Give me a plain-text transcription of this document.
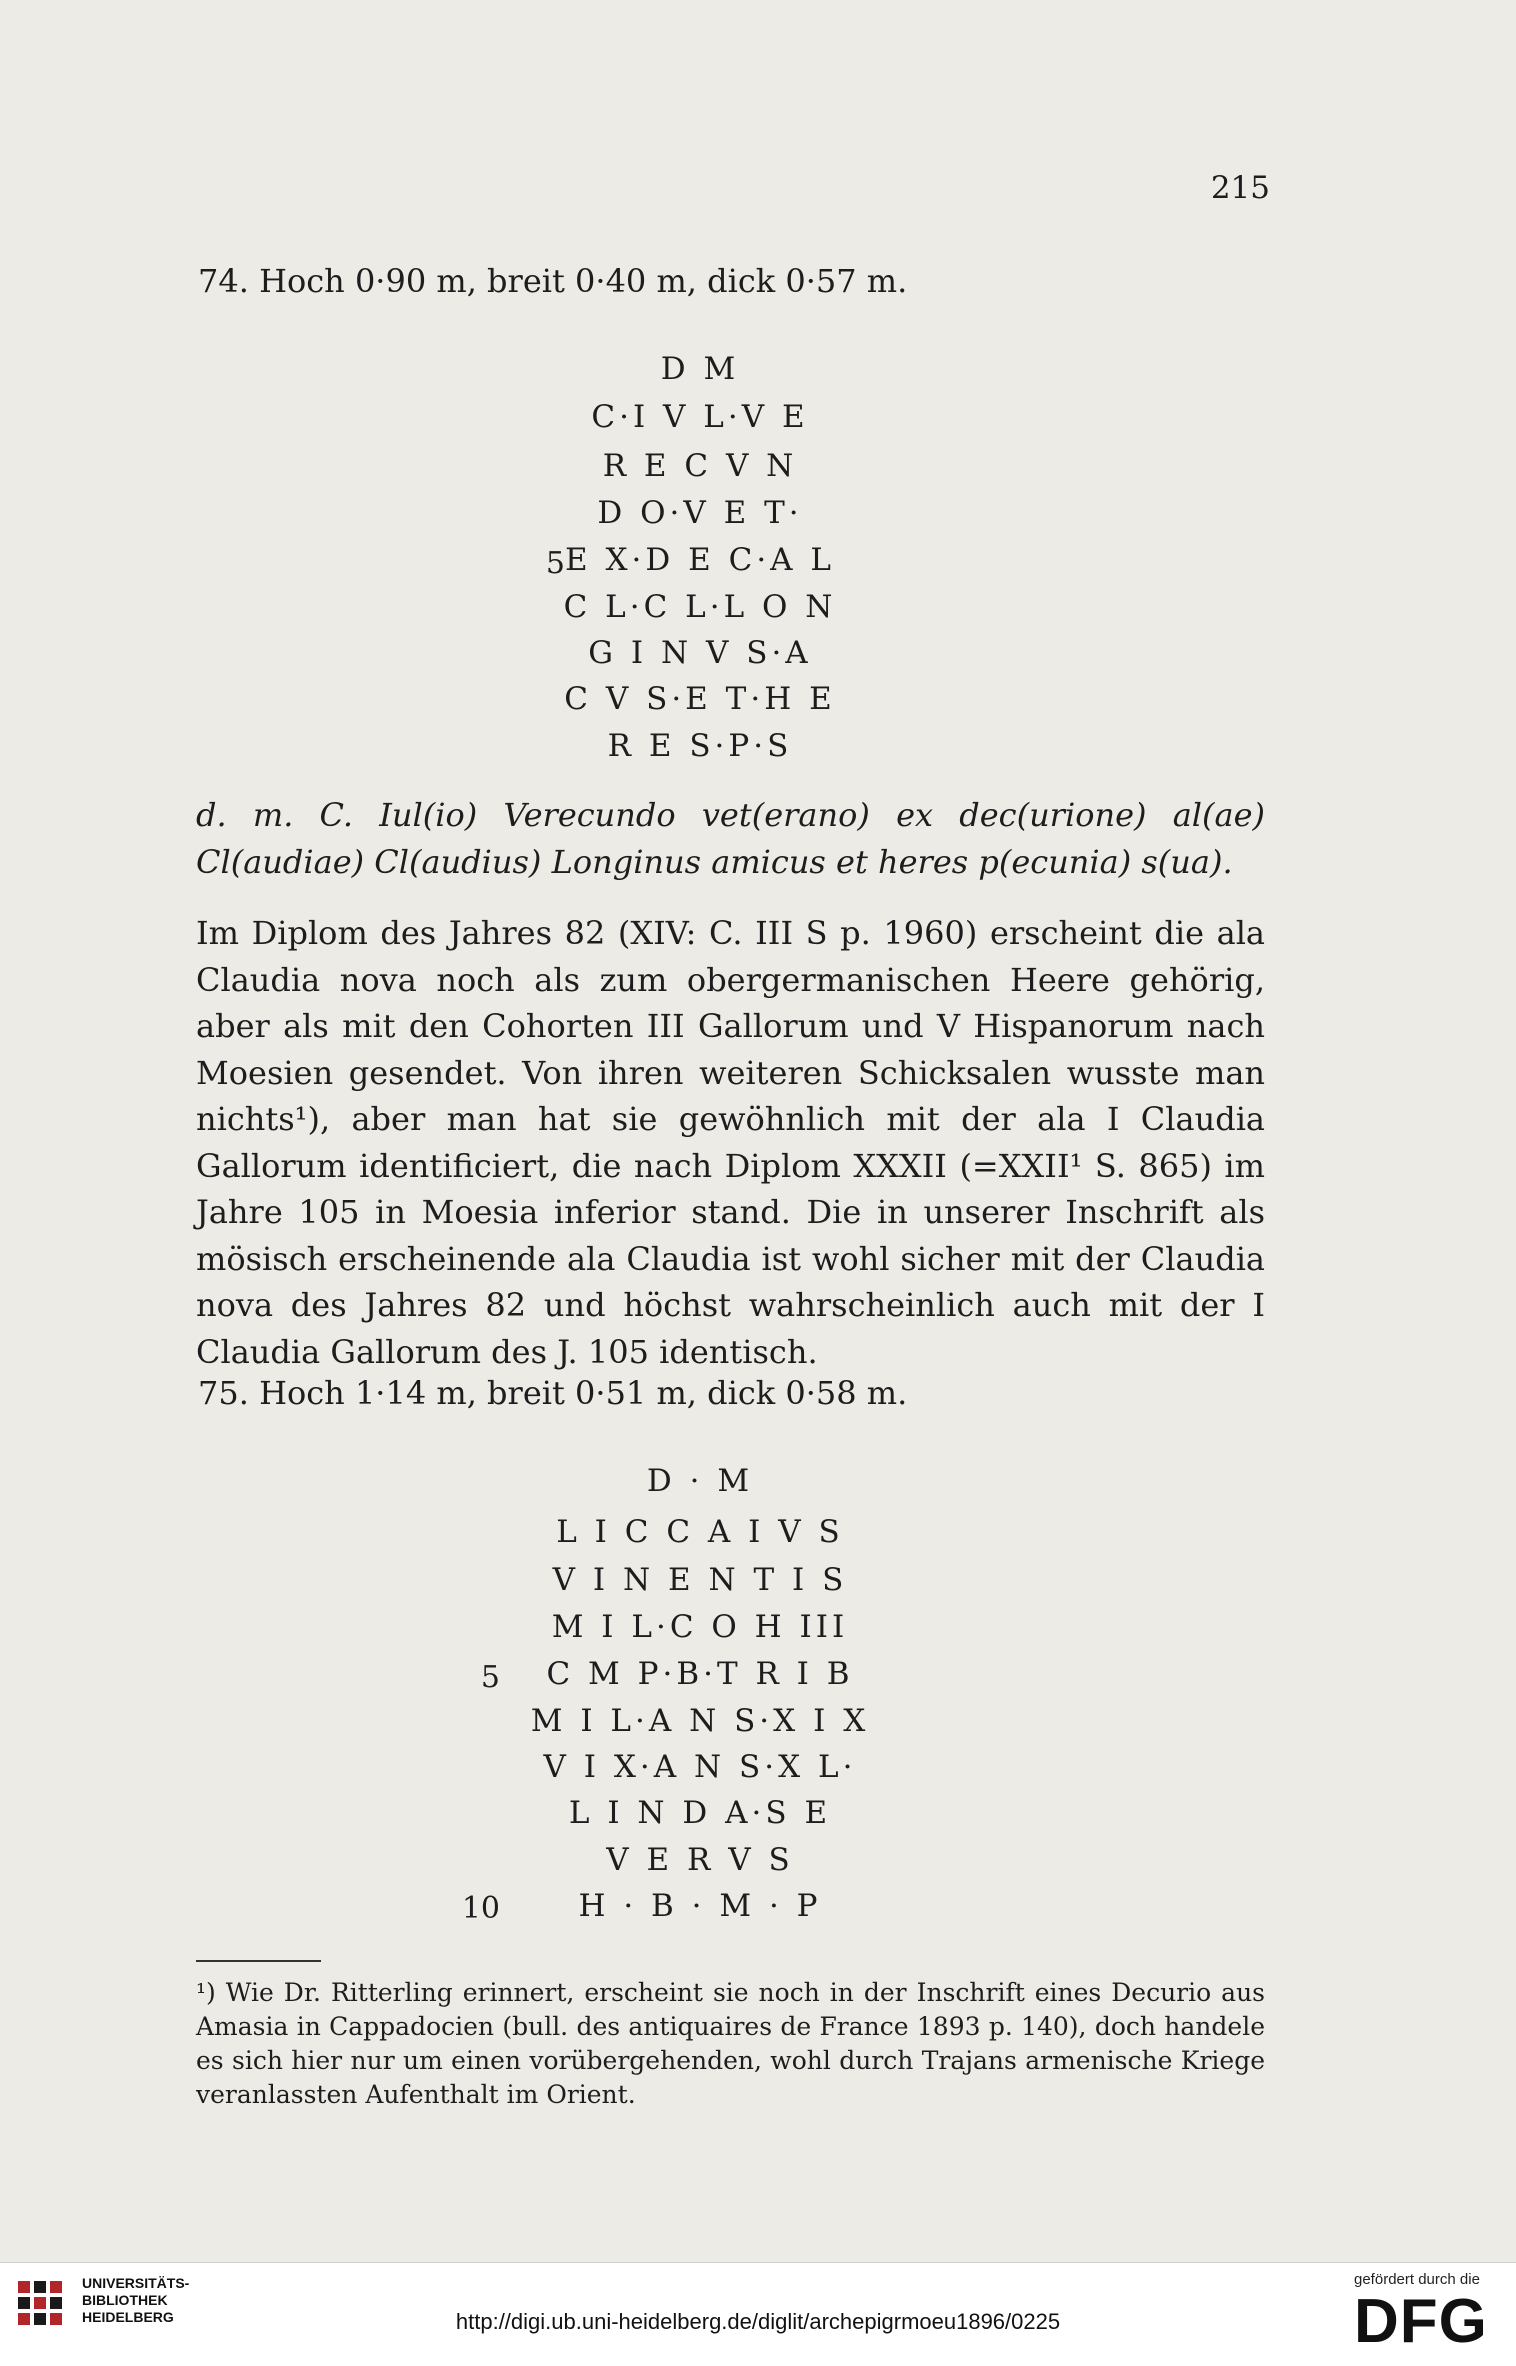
215
74. Hoch 0·90 m, breit 0·40 m, dick 0·57 m.
D M
C·I V L·V E
R E C V N
D O·V E T·
E X·D E C·A L
C L·C L·L O N
G I N V S·A
C V S·E T·H E
R E S·P·S
5

d. m. C. Iul(io) Verecundo vet(erano) ex dec(urione) al(ae) Cl(audiae) Cl(audius) Longinus amicus et heres p(ecunia) s(ua).

Im Diplom des Jahres 82 (XIV: C. III S p. 1960) erscheint die ala Claudia nova noch als zum obergermanischen Heere gehörig, aber als mit den Cohorten III Gallorum und V Hispanorum nach Moesien gesendet. Von ihren weiteren Schicksalen wusste man nichts¹), aber man hat sie gewöhnlich mit der ala I Claudia Gallorum identificiert, die nach Diplom XXXII (=XXII¹ S. 865) im Jahre 105 in Moesia inferior stand. Die in unserer Inschrift als mösisch erscheinende ala Claudia ist wohl sicher mit der Claudia nova des Jahres 82 und höchst wahrscheinlich auch mit der I Claudia Gallorum des J. 105 identisch.

75. Hoch 1·14 m, breit 0·51 m, dick 0·58 m.
D · M
L I C C A I V S
V I N E N T I S
M I L·C O H III
C M P·B·T R I B
M I L·A N S·X I X
V I X·A N S·X L·
L I N D A·S E
V E R V S
H · B · M · P
5
10

¹) Wie Dr. Ritterling erinnert, erscheint sie noch in der Inschrift eines Decurio aus Amasia in Cappadocien (bull. des antiquaires de France 1893 p. 140), doch handele es sich hier nur um einen vorübergehenden, wohl durch Trajans armenische Kriege veranlassten Aufenthalt im Orient.

UNIVERSITÄTS-
BIBLIOTHEK
HEIDELBERG	http://digi.ub.uni-heidelberg.de/diglit/archepigrmoeu1896/0225
gefördert durch die
DFG
